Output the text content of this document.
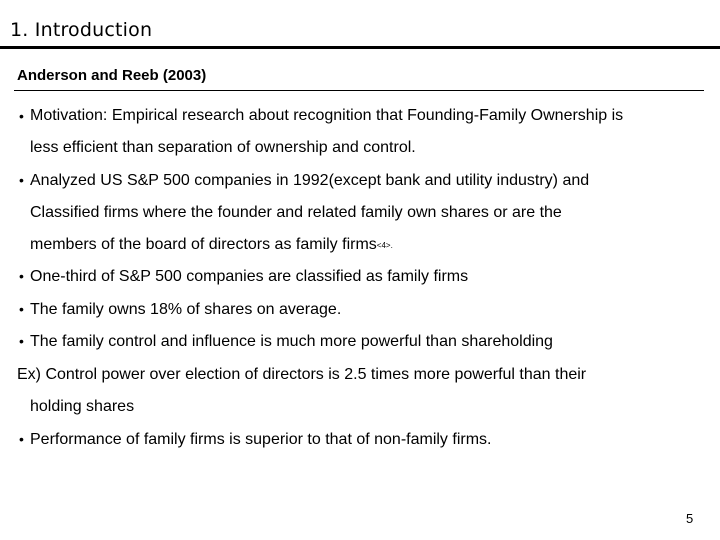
1. Introduction
Anderson and Reeb (2003)
• Motivation: Empirical research about recognition that Founding-Family Ownership is
less efficient than separation of ownership and control.
• Analyzed US S&P 500 companies in 1992(except bank and utility industry) and
Classified firms where the founder and related family own shares or are the
members of the board of directors as family firms<4>.
• One-third of S&P 500 companies are classified as family firms
• The family owns 18% of shares on average.
• The family control and influence is much more powerful than shareholding
Ex) Control power over election of directors is 2.5 times more powerful than their
holding shares
• Performance of family firms is superior to that of non-family firms.
5
